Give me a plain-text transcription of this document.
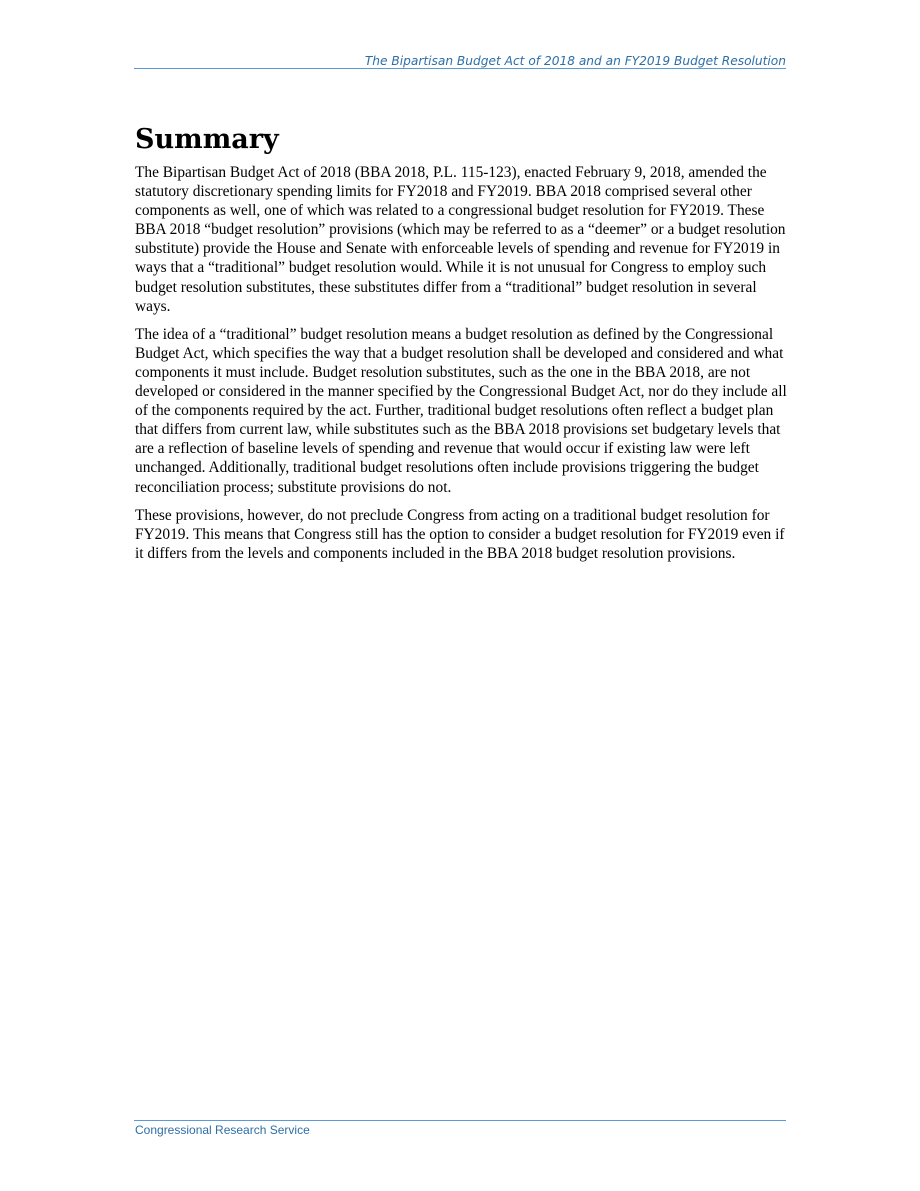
The Bipartisan Budget Act of 2018 and an FY2019 Budget Resolution
Summary

The Bipartisan Budget Act of 2018 (BBA 2018, P.L. 115-123), enacted February 9, 2018, amended the statutory discretionary spending limits for FY2018 and FY2019. BBA 2018 comprised several other components as well, one of which was related to a congressional budget resolution for FY2019. These BBA 2018 “budget resolution” provisions (which may be referred to as a “deemer” or a budget resolution substitute) provide the House and Senate with enforceable levels of spending and revenue for FY2019 in ways that a “traditional” budget resolution would. While it is not unusual for Congress to employ such budget resolution substitutes, these substitutes differ from a “traditional” budget resolution in several ways.

The idea of a “traditional” budget resolution means a budget resolution as defined by the Congressional Budget Act, which specifies the way that a budget resolution shall be developed and considered and what components it must include. Budget resolution substitutes, such as the one in the BBA 2018, are not developed or considered in the manner specified by the Congressional Budget Act, nor do they include all of the components required by the act. Further, traditional budget resolutions often reflect a budget plan that differs from current law, while substitutes such as the BBA 2018 provisions set budgetary levels that are a reflection of baseline levels of spending and revenue that would occur if existing law were left unchanged. Additionally, traditional budget resolutions often include provisions triggering the budget reconciliation process; substitute provisions do not.

These provisions, however, do not preclude Congress from acting on a traditional budget resolution for FY2019. This means that Congress still has the option to consider a budget resolution for FY2019 even if it differs from the levels and components included in the BBA 2018 budget resolution provisions.

Congressional Research Service
